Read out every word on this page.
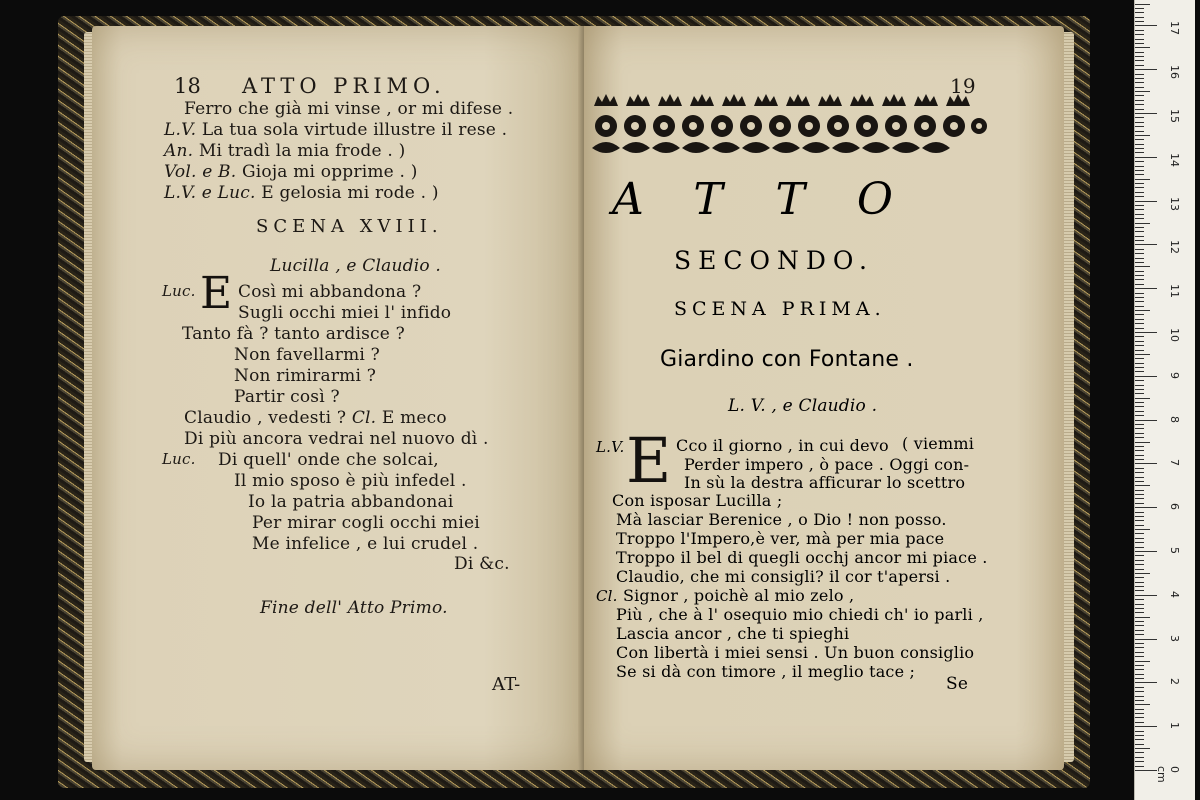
18 ATTO PRIMO.
Ferro che già mi vinse , or mi difese .
L.V. La tua sola virtude illustre il rese .
An. Mi tradì la mia frode . )
Vol. e B. Gioja mi opprime . )
L.V. e Luc. E gelosia mi rode . )
SCENA XVIII.
Lucilla , e Claudio .
Luc. E Così mi abbandona ?
Sugli occhi miei l' infido
Tanto fà ? tanto ardisce ?
Non favellarmi ?
Non rimirarmi ?
Partir così ?
Claudio , vedesti ? Cl. E meco
Di più ancora vedrai nel nuovo dì .
Luc. Di quell' onde che solcai,
Il mio sposo è più infedel .
Io la patria abbandonai
Per mirar cogli occhi miei
Me infelice , e lui crudel .
Di &c.
Fine dell' Atto Primo.
AT-
19
ATTO
SECONDO.
SCENA PRIMA.
Giardino con Fontane .
L. V. , e Claudio .
L.V. E Cco il giorno , in cui devo ( viemmi
Perder impero , ò pace . Oggi con-
In sù la destra afficurar lo scettro
Con isposar Lucilla ;
Mà lasciar Berenice , o Dio ! non posso.
Troppo l'Impero,è ver, mà per mia pace
Troppo il bel di quegli occhj ancor mi piace .
Claudio, che mi consigli? il cor t'apersi .
Cl. Signor , poichè al mio zelo ,
Più , che à l' osequio mio chiedi ch' io parli ,
Lascia ancor , che ti spieghi
Con libertà i miei sensi . Un buon consiglio
Se si dà con timore , il meglio tace ;
Se
0 cm
1
2
3
4
5
6
7
8
9
10
11
12
13
14
15
16
17
